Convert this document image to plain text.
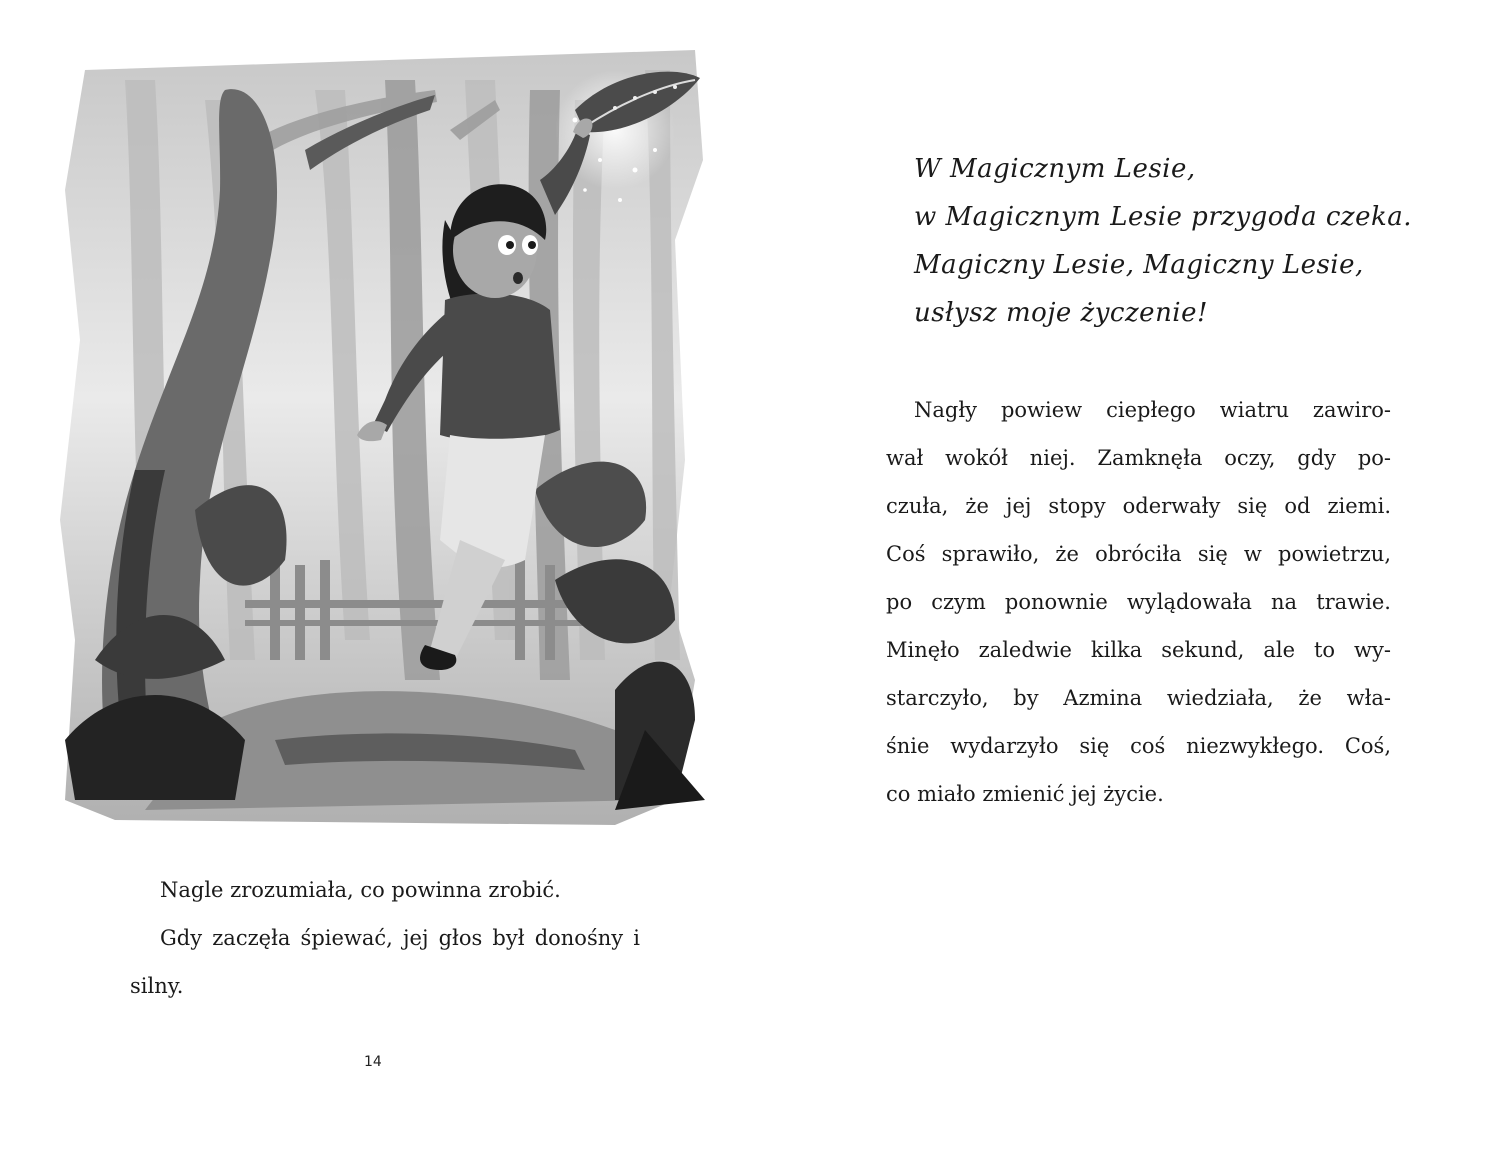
Nagle zrozumiała, co powinna zrobić.

Gdy zaczęła śpiewać, jej głos był donośny i silny.

14
W Magicznym Lesie,
w Magicznym Lesie przygoda czeka.
Magiczny Lesie, Magiczny Lesie,
usłysz moje życzenie!
Nagły powiew ciepłego wiatru zawiro-
wał wokół niej. Zamknęła oczy, gdy po-
czuła, że jej stopy oderwały się od ziemi.
Coś sprawiło, że obróciła się w powietrzu,
po czym ponownie wylądowała na trawie.
Minęło zaledwie kilka sekund, ale to wy-
starczyło, by Azmina wiedziała, że wła-
śnie wydarzyło się coś niezwykłego. Coś,
co miało zmienić jej życie.
